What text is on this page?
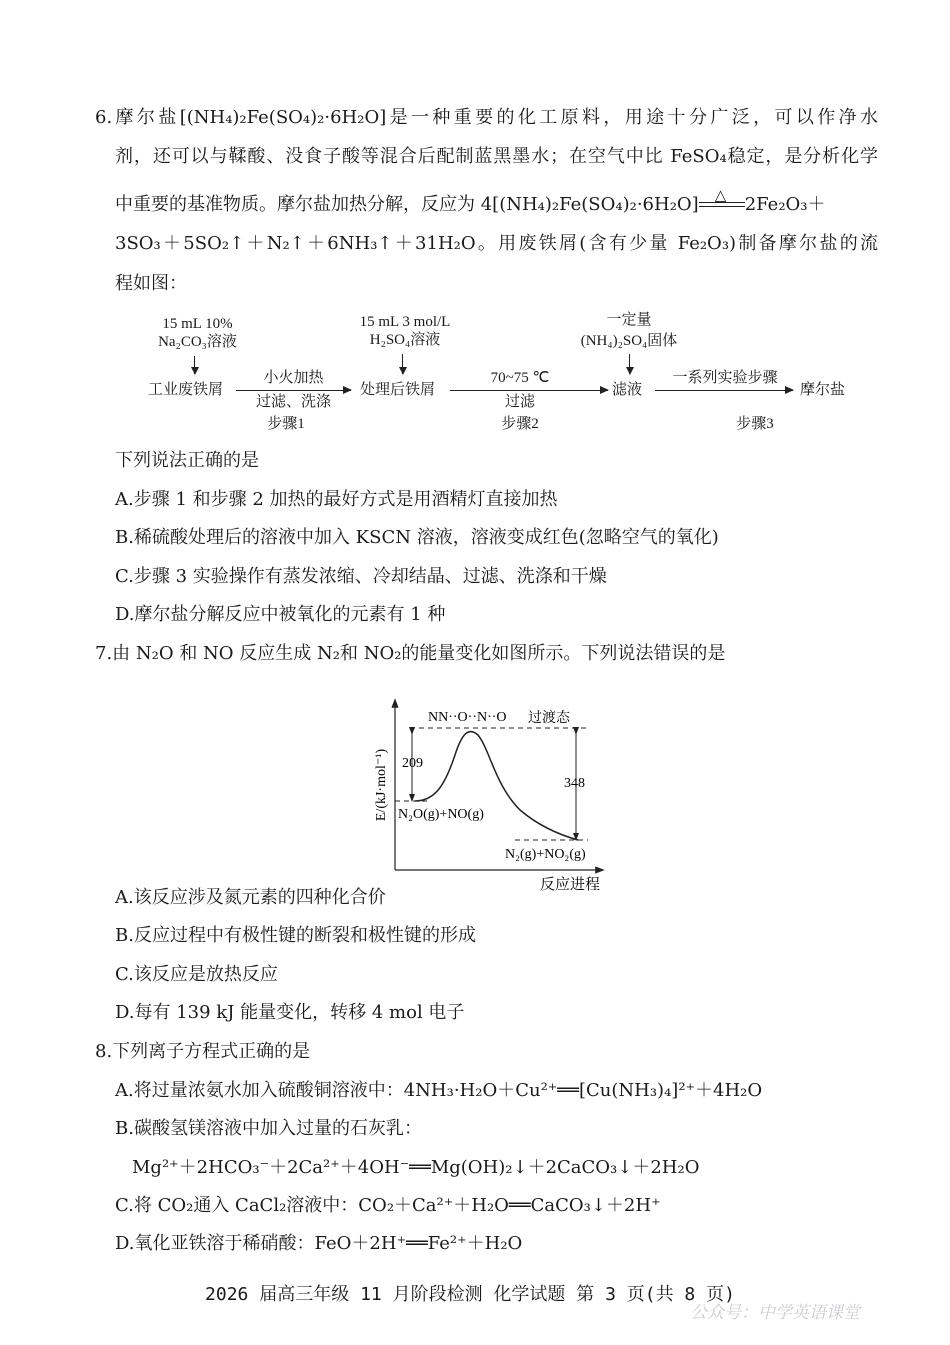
6.摩尔盐[(NH₄)₂Fe(SO₄)₂·6H₂O]是一种重要的化工原料，用途十分广泛，可以作净水
剂，还可以与鞣酸、没食子酸等混合后配制蓝黑墨水；在空气中比 FeSO₄稳定，是分析化学
中重要的基准物质。摩尔盐加热分解，反应为 4[(NH₄)₂Fe(SO₄)₂·6H₂O] △ 2Fe₂O₃＋
3SO₃＋5SO₂↑＋N₂↑＋6NH₃↑＋31H₂O。用废铁屑(含有少量 Fe₂O₃)制备摩尔盐的流
程如图：
15 mL 10%
Na₂CO₃溶液
15 mL 3 mol/L
H₂SO₄溶液
一定量
(NH₄)₂SO₄固体
工业废铁屑
小火加热
过滤、洗涤
步骤1
处理后铁屑
70~75 ℃
过滤
步骤2
滤液
一系列实验步骤
步骤3
摩尔盐
下列说法正确的是
A.步骤 1 和步骤 2 加热的最好方式是用酒精灯直接加热
B.稀硫酸处理后的溶液中加入 KSCN 溶液，溶液变成红色(忽略空气的氧化)
C.步骤 3 实验操作有蒸发浓缩、冷却结晶、过滤、洗涤和干燥
D.摩尔盐分解反应中被氧化的元素有 1 种
7.由 N₂O 和 NO 反应生成 N₂和 NO₂的能量变化如图所示。下列说法错误的是
E/(kJ·mol⁻¹)
反应进程
209
348
NN··O··N··O 过渡态
N₂O(g)+NO(g)
N₂(g)+NO₂(g)
A.该反应涉及氮元素的四种化合价
B.反应过程中有极性键的断裂和极性键的形成
C.该反应是放热反应
D.每有 139 kJ 能量变化，转移 4 mol 电子
8.下列离子方程式正确的是
A.将过量浓氨水加入硫酸铜溶液中：4NH₃·H₂O＋Cu²⁺══[Cu(NH₃)₄]²⁺＋4H₂O
B.碳酸氢镁溶液中加入过量的石灰乳：
Mg²⁺＋2HCO₃⁻＋2Ca²⁺＋4OH⁻══Mg(OH)₂↓＋2CaCO₃↓＋2H₂O
C.将 CO₂通入 CaCl₂溶液中：CO₂＋Ca²⁺＋H₂O══CaCO₃↓＋2H⁺
D.氧化亚铁溶于稀硝酸：FeO＋2H⁺══Fe²⁺＋H₂O
2026 届高三年级 11 月阶段检测 化学试题 第 3 页(共 8 页)
公众号：中学英语课堂
